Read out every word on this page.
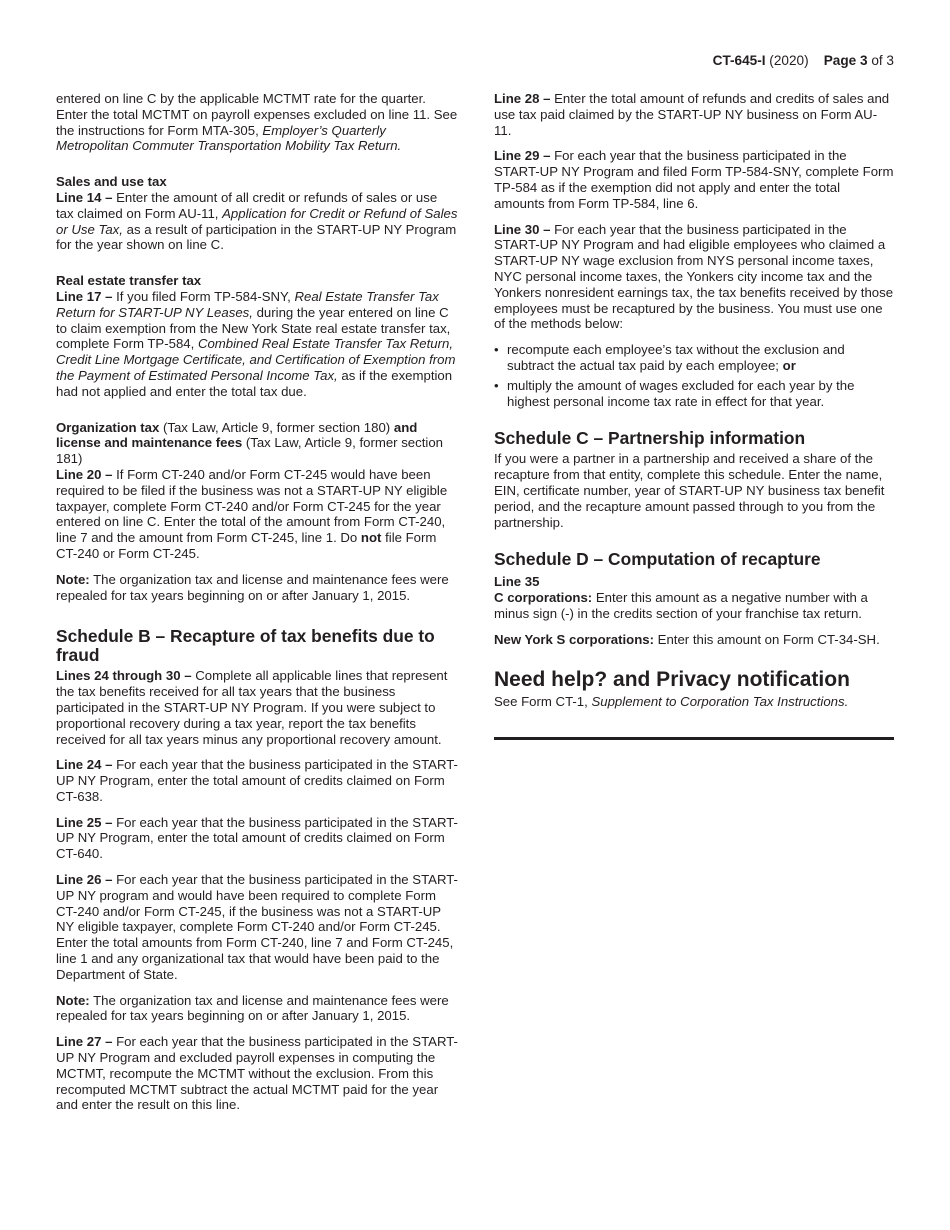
CT-645-I (2020) Page 3 of 3

entered on line C by the applicable MCTMT rate for the quarter. Enter the total MCTMT on payroll expenses excluded on line 11. See the instructions for Form MTA-305, Employer’s Quarterly Metropolitan Commuter Transportation Mobility Tax Return.

Sales and use tax

Line 14 – Enter the amount of all credit or refunds of sales or use tax claimed on Form AU-11, Application for Credit or Refund of Sales or Use Tax, as a result of participation in the START-UP NY Program for the year shown on line C.

Real estate transfer tax

Line 17 – If you filed Form TP-584-SNY, Real Estate Transfer Tax Return for START-UP NY Leases, during the year entered on line C to claim exemption from the New York State real estate transfer tax, complete Form TP-584, Combined Real Estate Transfer Tax Return, Credit Line Mortgage Certificate, and Certification of Exemption from the Payment of Estimated Personal Income Tax, as if the exemption had not applied and enter the total tax due.

Organization tax (Tax Law, Article 9, former section 180) and license and maintenance fees (Tax Law, Article 9, former section 181)

Line 20 – If Form CT-240 and/or Form CT-245 would have been required to be filed if the business was not a START-UP NY eligible taxpayer, complete Form CT-240 and/or Form CT-245 for the year entered on line C. Enter the total of the amount from Form CT-240, line 7 and the amount from Form CT-245, line 1. Do not file Form CT-240 or Form CT-245.

Note: The organization tax and license and maintenance fees were repealed for tax years beginning on or after January 1, 2015.

Schedule B – Recapture of tax benefits due to fraud

Lines 24 through 30 – Complete all applicable lines that represent the tax benefits received for all tax years that the business participated in the START-UP NY Program. If you were subject to proportional recovery during a tax year, report the tax benefits received for all tax years minus any proportional recovery amount.

Line 24 – For each year that the business participated in the START-UP NY Program, enter the total amount of credits claimed on Form CT-638.

Line 25 – For each year that the business participated in the START-UP NY Program, enter the total amount of credits claimed on Form CT-640.

Line 26 – For each year that the business participated in the START-UP NY program and would have been required to complete Form CT-240 and/or Form CT-245, if the business was not a START-UP NY eligible taxpayer, complete Form CT-240 and/or Form CT-245. Enter the total amounts from Form CT-240, line 7 and Form CT-245, line 1 and any organizational tax that would have been paid to the Department of State.

Note: The organization tax and license and maintenance fees were repealed for tax years beginning on or after January 1, 2015.

Line 27 – For each year that the business participated in the START-UP NY Program and excluded payroll expenses in computing the MCTMT, recompute the MCTMT without the exclusion. From this recomputed MCTMT subtract the actual MCTMT paid for the year and enter the result on this line.

Line 28 – Enter the total amount of refunds and credits of sales and use tax paid claimed by the START-UP NY business on Form AU-11.

Line 29 – For each year that the business participated in the START-UP NY Program and filed Form TP-584-SNY, complete Form TP-584 as if the exemption did not apply and enter the total amounts from Form TP-584, line 6.

Line 30 – For each year that the business participated in the START-UP NY Program and had eligible employees who claimed a START-UP NY wage exclusion from NYS personal income taxes, NYC personal income taxes, the Yonkers city income tax and the Yonkers nonresident earnings tax, the tax benefits received by those employees must be recaptured by the business. You must use one of the methods below:

• recompute each employee’s tax without the exclusion and subtract the actual tax paid by each employee; or
• multiply the amount of wages excluded for each year by the highest personal income tax rate in effect for that year.
Schedule C – Partnership information

If you were a partner in a partnership and received a share of the recapture from that entity, complete this schedule. Enter the name, EIN, certificate number, year of START-UP NY business tax benefit period, and the recapture amount passed through to you from the partnership.

Schedule D – Computation of recapture
Line 35

C corporations: Enter this amount as a negative number with a minus sign (-) in the credits section of your franchise tax return.

New York S corporations: Enter this amount on Form CT-34-SH.

Need help? and Privacy notification

See Form CT-1, Supplement to Corporation Tax Instructions.
